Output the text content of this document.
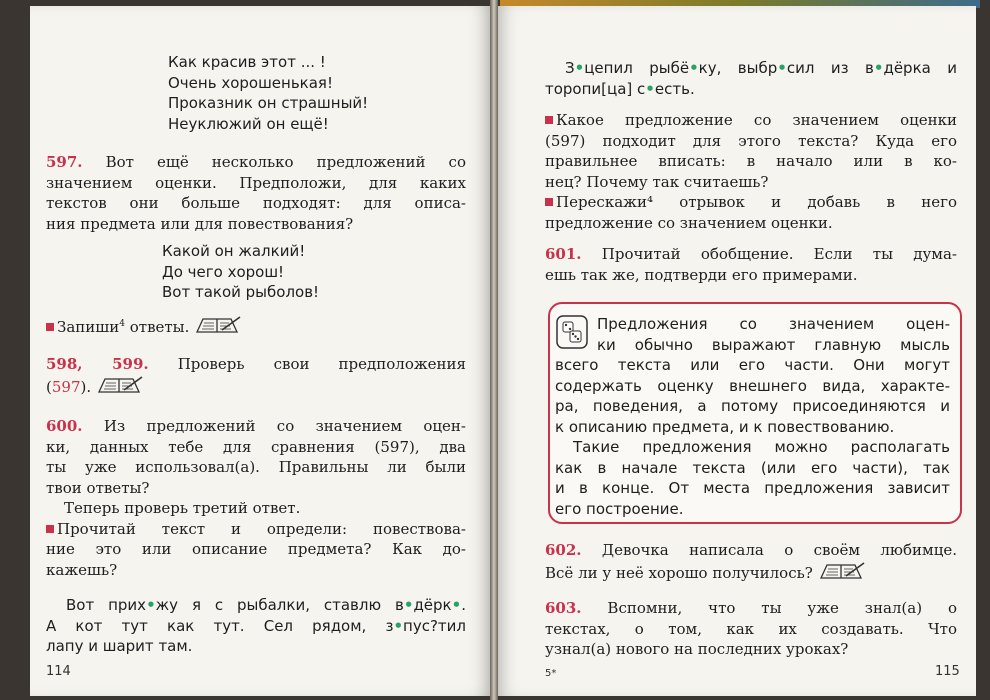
Как красив этот ... !
Очень хорошенькая!
Проказник он страшный!
Неуклюжий он ещё!
597. Вот ещё несколько предложений со
значением оценки. Предположи, для каких
текстов они больше подходят: для описа-
ния предмета или для повествования?
Какой он жалкий!
До чего хорош!
Вот такой рыболов!
Запиши$^4$ ответы.
598, 599. Проверь свои предположения
(597).
600. Из предложений со значением оцен-
ки, данных тебе для сравнения (597), два
ты уже использовал(а). Правильны ли были
твои ответы?
Теперь проверь третий ответ.
Прочитай текст и определи: повествова-
ние это или описание предмета? Как до-
кажешь?
Вот прих•жу я с рыбалки, ставлю в•дёрк•.
А кот тут как тут. Сел рядом, з•пус?тил
лапу и шарит там.
114
З•цепил рыбё•ку, выбр•сил из в•дёрка и
торопи[ца] с•есть.
Какое предложение со значением оценки
(597) подходит для этого текста? Куда его
правильнее вписать: в начало или в ко-
нец? Почему так считаешь?
Перескажи⁴ отрывок и добавь в него
предложение со значением оценки.
601. Прочитай обобщение. Если ты дума-
ешь так же, подтверди его примерами.
Предложения со значением оцен-
ки обычно выражают главную мысль
всего текста или его части. Они могут
содержать оценку внешнего вида, характе-
ра, поведения, а потому присоединяются и
к описанию предмета, и к повествованию.
Такие предложения можно располагать
как в начале текста (или его части), так
и в конце. От места предложения зависит
его построение.
602. Девочка написала о своём любимце.
Всё ли у неё хорошо получилось?
603. Вспомни, что ты уже знал(а) о
текстах, о том, как их создавать. Что
узнал(а) нового на последних уроках?
5*	115
